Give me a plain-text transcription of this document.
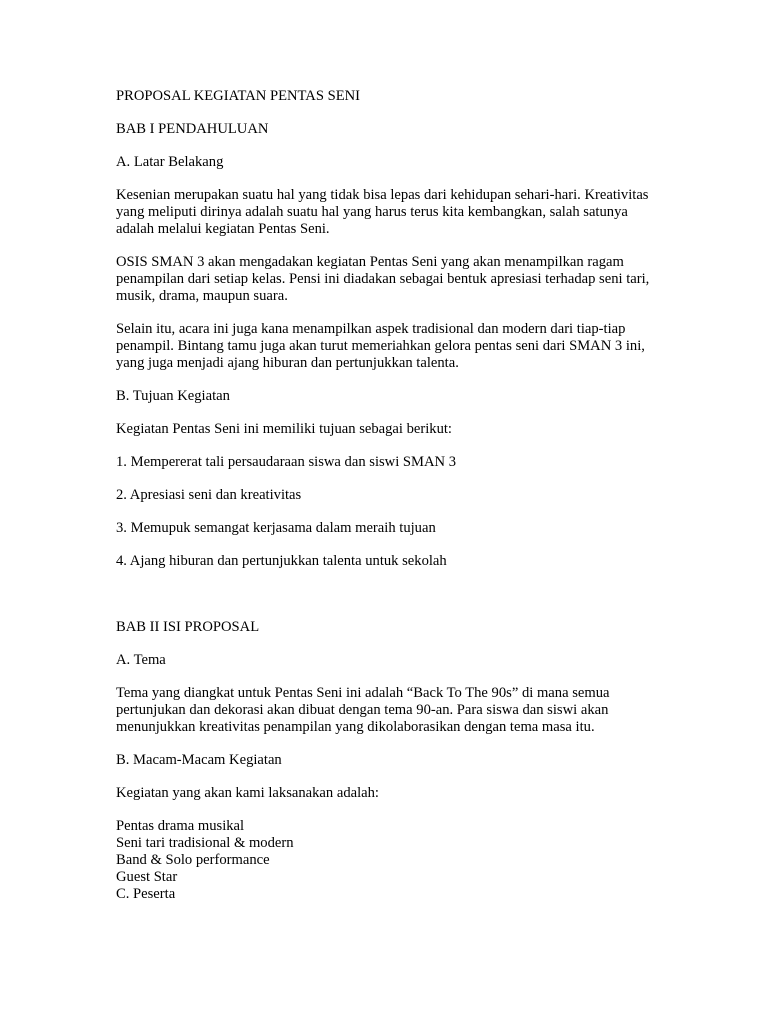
PROPOSAL KEGIATAN PENTAS SENI

BAB I PENDAHULUAN

A. Latar Belakang

Kesenian merupakan suatu hal yang tidak bisa lepas dari kehidupan sehari-hari. Kreativitas yang meliputi dirinya adalah suatu hal yang harus terus kita kembangkan, salah satunya adalah melalui kegiatan Pentas Seni.

OSIS SMAN 3 akan mengadakan kegiatan Pentas Seni yang akan menampilkan ragam penampilan dari setiap kelas. Pensi ini diadakan sebagai bentuk apresiasi terhadap seni tari, musik, drama, maupun suara.

Selain itu, acara ini juga kana menampilkan aspek tradisional dan modern dari tiap-tiap penampil. Bintang tamu juga akan turut memeriahkan gelora pentas seni dari SMAN 3 ini, yang juga menjadi ajang hiburan dan pertunjukkan talenta.

B. Tujuan Kegiatan

Kegiatan Pentas Seni ini memiliki tujuan sebagai berikut:

1. Mempererat tali persaudaraan siswa dan siswi SMAN 3

2. Apresiasi seni dan kreativitas

3. Memupuk semangat kerjasama dalam meraih tujuan

4. Ajang hiburan dan pertunjukkan talenta untuk sekolah

BAB II ISI PROPOSAL

A. Tema

Tema yang diangkat untuk Pentas Seni ini adalah “Back To The 90s” di mana semua pertunjukan dan dekorasi akan dibuat dengan tema 90-an. Para siswa dan siswi akan menunjukkan kreativitas penampilan yang dikolaborasikan dengan tema masa itu.

B. Macam-Macam Kegiatan

Kegiatan yang akan kami laksanakan adalah:

Pentas drama musikal
Seni tari tradisional & modern
Band & Solo performance
Guest Star
C. Peserta
